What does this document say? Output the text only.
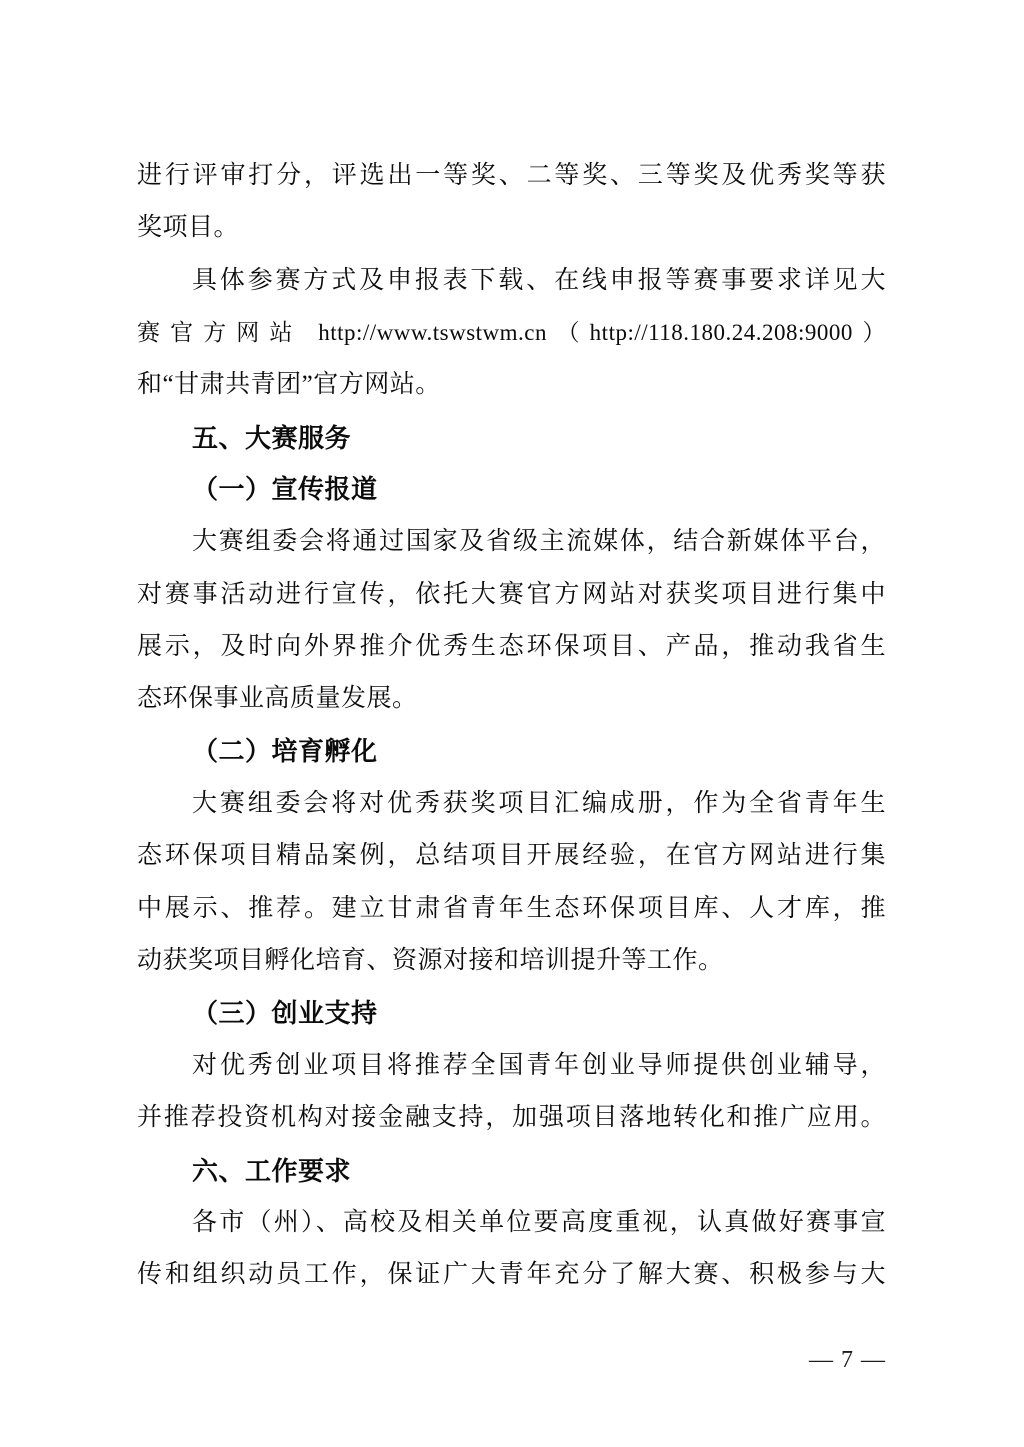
进行评审打分，评选出一等奖、二等奖、三等奖及优秀奖等获
奖项目。
具体参赛方式及申报表下载、在线申报等赛事要求详见大
赛官方网站 http://www.tswstwm.cn（http://118.180.24.208:9000）
和“甘肃共青团”官方网站。
五、大赛服务
（一）宣传报道
大赛组委会将通过国家及省级主流媒体，结合新媒体平台，
对赛事活动进行宣传，依托大赛官方网站对获奖项目进行集中
展示，及时向外界推介优秀生态环保项目、产品，推动我省生
态环保事业高质量发展。
（二）培育孵化
大赛组委会将对优秀获奖项目汇编成册，作为全省青年生
态环保项目精品案例，总结项目开展经验，在官方网站进行集
中展示、推荐。建立甘肃省青年生态环保项目库、人才库，推
动获奖项目孵化培育、资源对接和培训提升等工作。
（三）创业支持
对优秀创业项目将推荐全国青年创业导师提供创业辅导，
并推荐投资机构对接金融支持，加强项目落地转化和推广应用。
六、工作要求
各市（州）、高校及相关单位要高度重视，认真做好赛事宣
传和组织动员工作，保证广大青年充分了解大赛、积极参与大
— 7 —
